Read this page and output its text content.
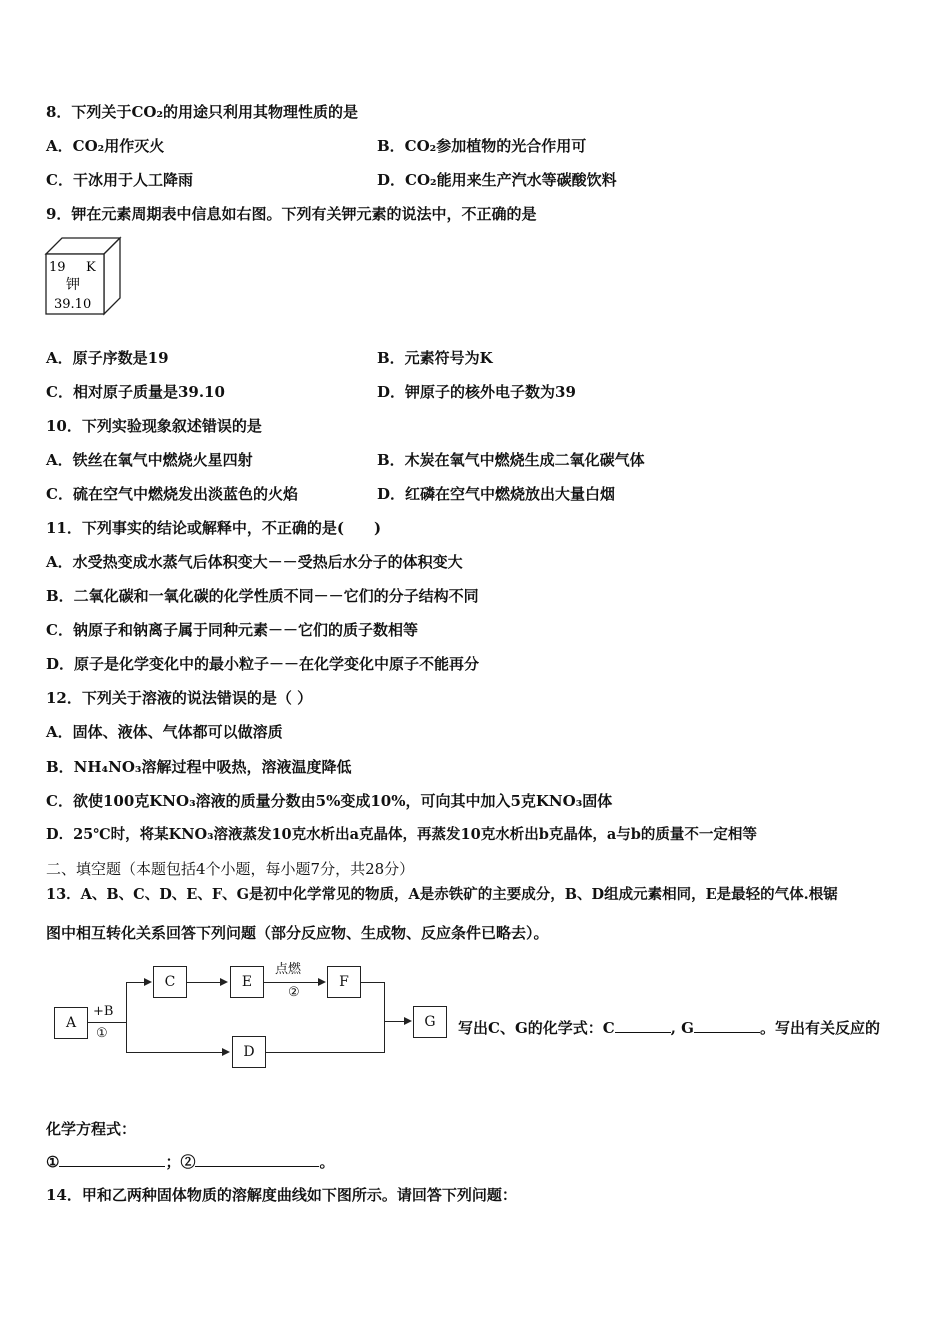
8．下列关于CO₂的用途只利用其物理性质的是
A．CO₂用作灭火	B．CO₂参加植物的光合作用可
C．干冰用于人工降雨	D．CO₂能用来生产汽水等碳酸饮料
9．钾在元素周期表中信息如右图。下列有关钾元素的说法中，不正确的是
19 K
钾
39.10
A．原子序数是19	B．元素符号为K
C．相对原子质量是39.10	D．钾原子的核外电子数为39
10．下列实验现象叙述错误的是
A．铁丝在氧气中燃烧火星四射	B．木炭在氧气中燃烧生成二氧化碳气体
C．硫在空气中燃烧发出淡蓝色的火焰	D．红磷在空气中燃烧放出大量白烟
11．下列事实的结论或解释中，不正确的是(　　)
A．水受热变成水蒸气后体积变大－－受热后水分子的体积变大
B．二氧化碳和一氧化碳的化学性质不同－－它们的分子结构不同
C．钠原子和钠离子属于同种元素－－它们的质子数相等
D．原子是化学变化中的最小粒子－－在化学变化中原子不能再分
12．下列关于溶液的说法错误的是（ ）
A．固体、液体、气体都可以做溶质
B．NH₄NO₃溶解过程中吸热，溶液温度降低
C．欲使100克KNO₃溶液的质量分数由5%变成10%，可向其中加入5克KNO₃固体
D．25℃时，将某KNO₃溶液蒸发10克水析出a克晶体，再蒸发10克水析出b克晶体，a与b的质量不一定相等
二、填空题（本题包括4个小题，每小题7分，共28分）
13．A、B、C、D、E、F、G是初中化学常见的物质，A是赤铁矿的主要成分，B、D组成元素相同，E是最轻的气体.根锯
图中相互转化关系回答下列问题（部分反应物、生成物、反应条件已略去）。
A
+B
①
C	E
点燃
②
F
D
G	写出C、G的化学式：C	, G	。写出有关反应的
化学方程式：
①	；②	。
14．甲和乙两种固体物质的溶解度曲线如下图所示。请回答下列问题：
